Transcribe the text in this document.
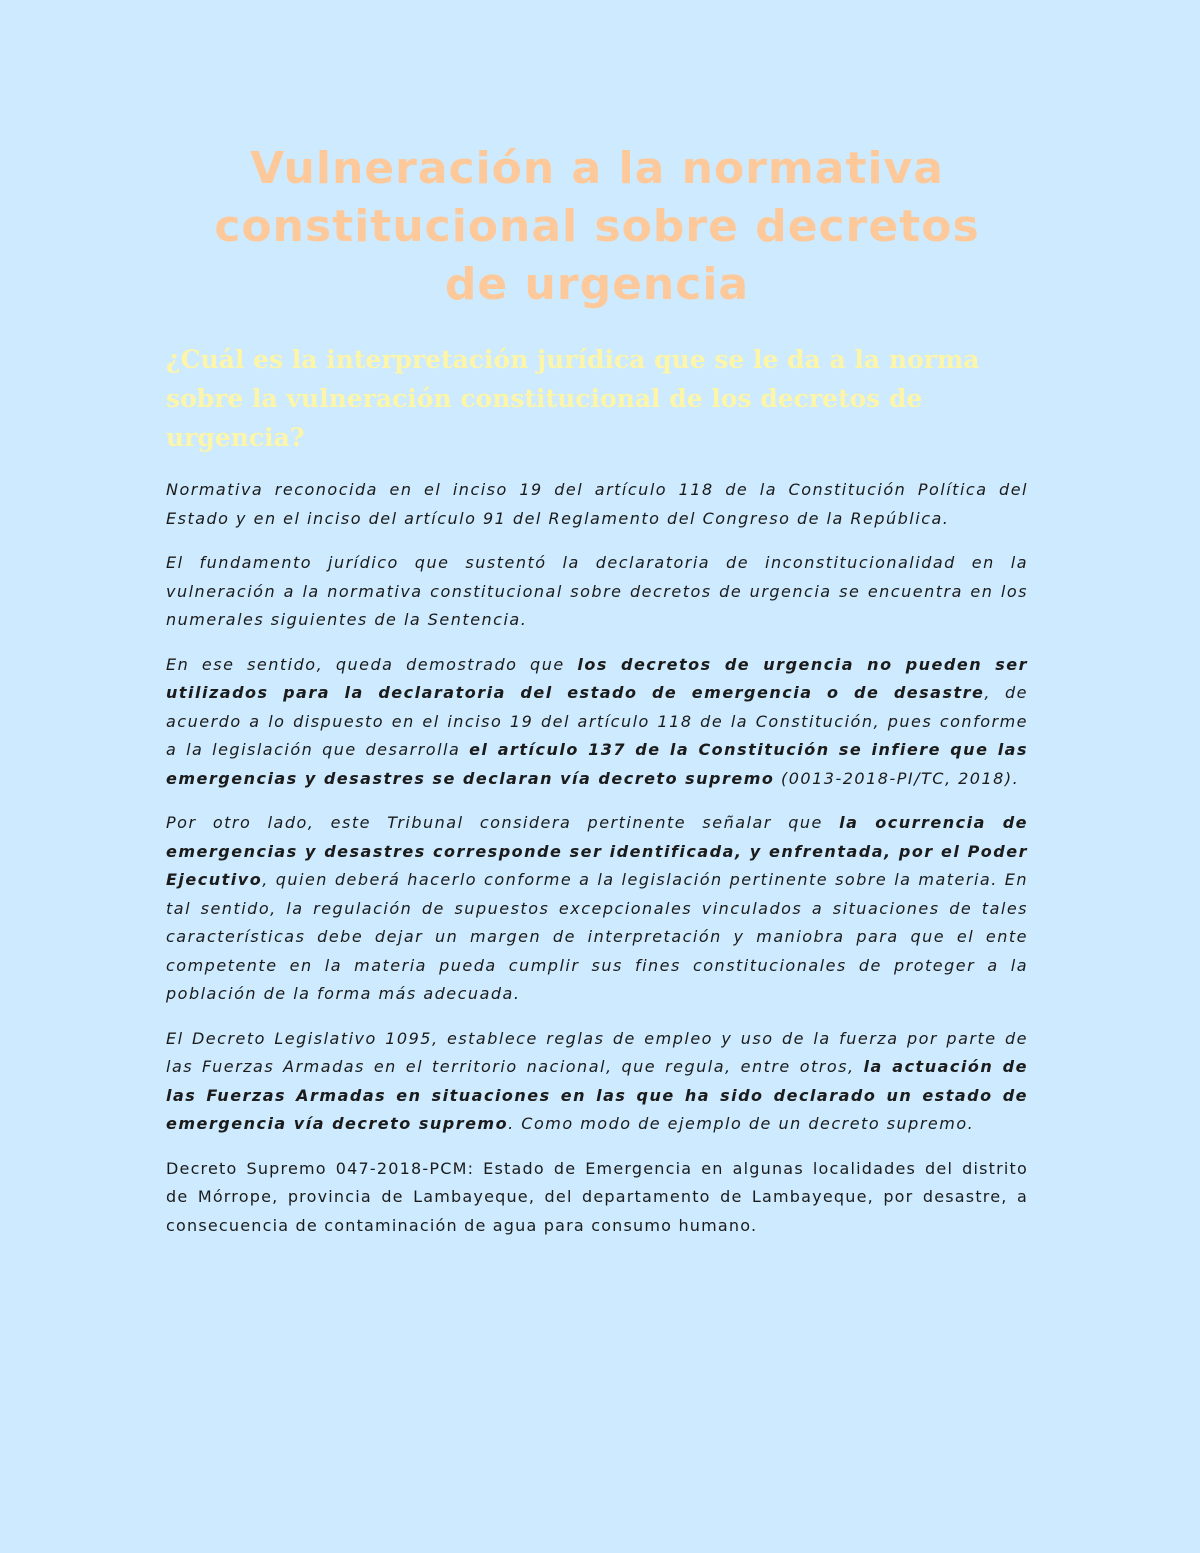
Vulneración a la normativa
constitucional sobre decretos
de urgencia
¿Cuál es la interpretación jurídica que se le da a la norma sobre la vulneración constitucional de los decretos de urgencia?

Normativa reconocida en el inciso 19 del artículo 118 de la Constitución Política del Estado y en el inciso del artículo 91 del Reglamento del Congreso de la República.

El fundamento jurídico que sustentó la declaratoria de inconstitucionalidad en la vulneración a la normativa constitucional sobre decretos de urgencia se encuentra en los numerales siguientes de la Sentencia.

En ese sentido, queda demostrado que los decretos de urgencia no pueden ser utilizados para la declaratoria del estado de emergencia o de desastre, de acuerdo a lo dispuesto en el inciso 19 del artículo 118 de la Constitución, pues conforme a la legislación que desarrolla el artículo 137 de la Constitución se infiere que las emergencias y desastres se declaran vía decreto supremo (0013-2018-PI/TC, 2018).

Por otro lado, este Tribunal considera pertinente señalar que la ocurrencia de emergencias y desastres corresponde ser identificada, y enfrentada, por el Poder Ejecutivo, quien deberá hacerlo conforme a la legislación pertinente sobre la materia. En tal sentido, la regulación de supuestos excepcionales vinculados a situaciones de tales características debe dejar un margen de interpretación y maniobra para que el ente competente en la materia pueda cumplir sus fines constitucionales de proteger a la población de la forma más adecuada.

El Decreto Legislativo 1095, establece reglas de empleo y uso de la fuerza por parte de las Fuerzas Armadas en el territorio nacional, que regula, entre otros, la actuación de las Fuerzas Armadas en situaciones en las que ha sido declarado un estado de emergencia vía decreto supremo. Como modo de ejemplo de un decreto supremo.

Decreto Supremo 047-2018-PCM: Estado de Emergencia en algunas localidades del distrito de Mórrope, provincia de Lambayeque, del departamento de Lambayeque, por desastre, a consecuencia de contaminación de agua para consumo humano.
